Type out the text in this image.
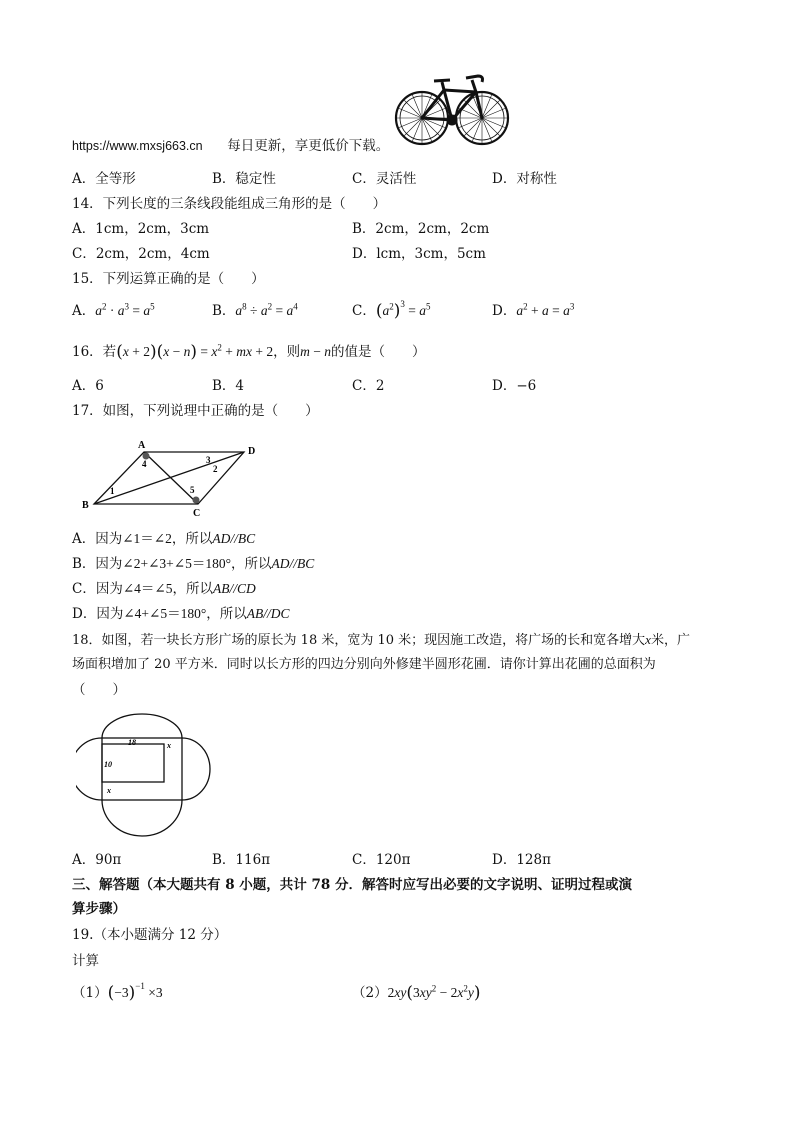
https://www.mxsj663.cn 每日更新，享更低价下载。
A．全等形	B．稳定性	C．灵活性	D．对称性
14．下列长度的三条线段能组成三角形的是（　　）
A．1cm，2cm，3cm	B．2cm，2cm，2cm
C．2cm，2cm，4cm	D．lcm，3cm，5cm
15．下列运算正确的是（　　）
A．$a^2 \cdot a^3 = a^5$	B．$a^8 \div a^2 = a^4$	C．$(a^2)^3 = a^5$	D．$a^2 + a = a^3$
16．若$(x + 2)(x - n) = x^2$ + mx + 2，则m − n的值是（　　）
A．6	B．4	C．2	D．−6
17．如图，下列说理中正确的是（　　）
A
D
B
C
1
2
3
4
5
A．因为∠1＝∠2，所以AD//BC
B．因为∠2+∠3+∠5＝180°，所以AD//BC
C．因为∠4＝∠5，所以AB//CD
D．因为∠4+∠5＝180°，所以AB//DC
18．如图，若一块长方形广场的原长为 18 米，宽为 10 米；现因施工改造，将广场的长和宽各增大x米，广
场面积增加了 20 平方米．同时以长方形的四边分别向外修建半圆形花圃．请你计算出花圃的总面积为
（　　）
18	x
10
x
A．90π	B．116π	C．120π	D．128π
三、解答题（本大题共有 8 小题，共计 78 分．解答时应写出必要的文字说明、证明过程或演
算步骤）
19.（本小题满分 12 分）
计算
$(1)(-3)^{-1} \times 3$	$(2)2xy(3xy^2 - 2x^2y)$
